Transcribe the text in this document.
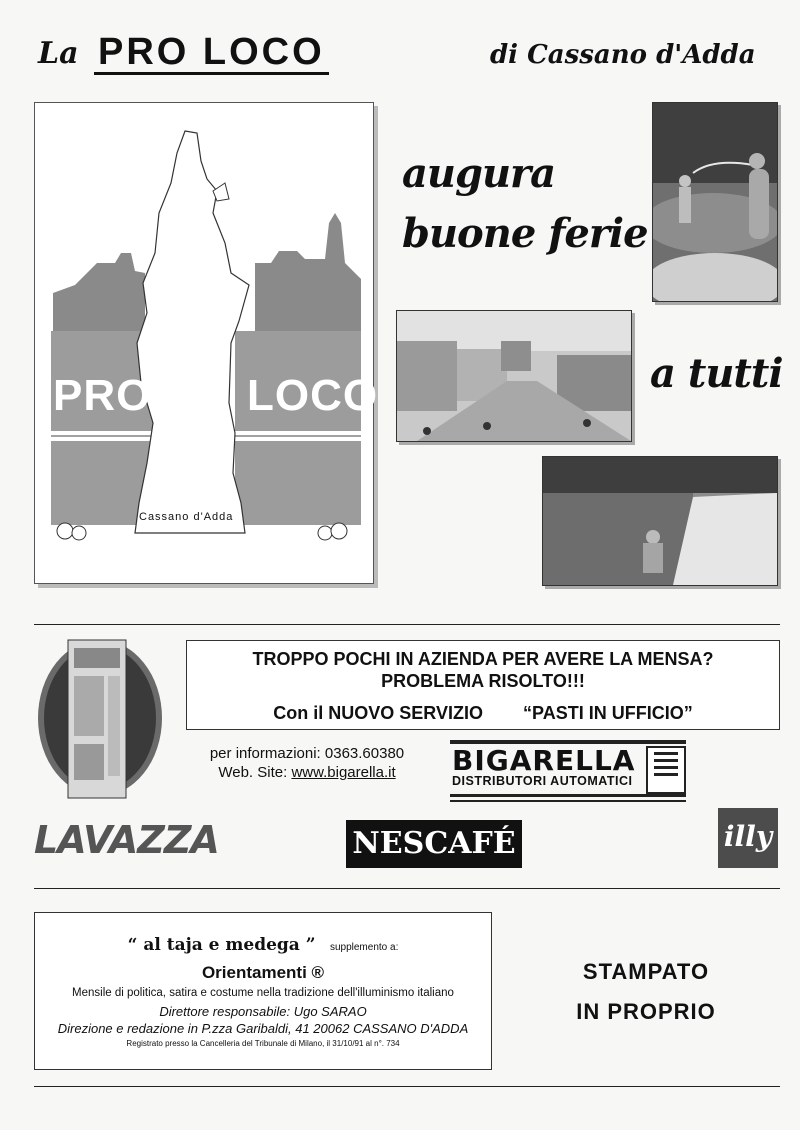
La PRO LOCO	di Cassano d'Adda
PRO LOCO
Cassano d'Adda
augura
buone ferie
a tutti
TROPPO POCHI IN AZIENDA PER AVERE LA MENSA?
PROBLEMA RISOLTO!!!
Con il NUOVO SERVIZIO “PASTI IN UFFICIO”
per informazioni: 0363.60380
Web. Site: www.bigarella.it	BIGARELLA
DISTRIBUTORI AUTOMATICI
LAVAZZA	NESCAFÉ	illy
“ al taja e medega ” supplemento a:
Orientamenti ®
Mensile di politica, satira e costume nella tradizione dell'illuminismo italiano
Direttore responsabile: Ugo SARAO
Direzione e redazione in P.zza Garibaldi, 41 20062 CASSANO D'ADDA
Registrato presso la Cancelleria del Tribunale di Milano, il 31/10/91 al n°. 734
STAMPATO
IN PROPRIO
